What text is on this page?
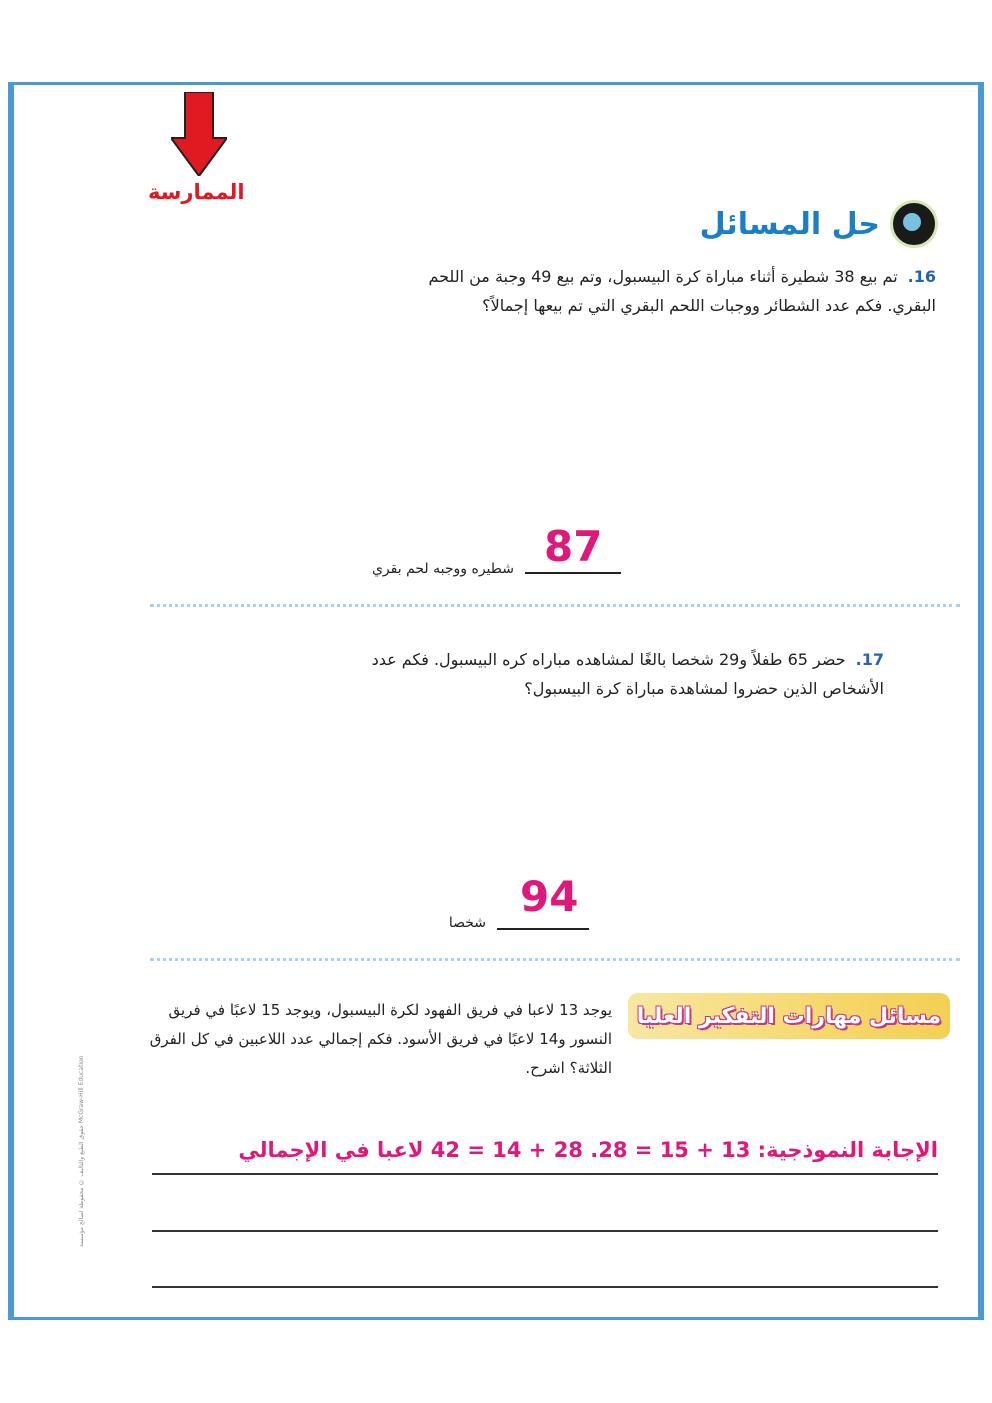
الممارسة
حل المسائل
16.تم بيع 38 شطيرة أثناء مباراة كرة البيسبول، وتم بيع 49 وجبة من اللحم البقري. فكم عدد الشطائر ووجبات اللحم البقري التي تم بيعها إجمالاً؟
87
شطيره ووجبه لحم بقري
17.حضر 65 طفلاً و29 شخصا بالغًا لمشاهده مباراه كره البيسبول. فكم عدد الأشخاص الذين حضروا لمشاهدة مباراة كرة البيسبول؟
94
شخصا
حقوق الطبع والتأليف © محفوظة لصالح مؤسسة McGraw-Hill Education
مسائل مهارات التفكير العليا
يوجد 13 لاعبا في فريق الفهود لكرة البيسبول، ويوجد 15 لاعبًا في فريق النسور و14 لاعبًا في فريق الأسود. فكم إجمالي عدد اللاعبين في كل الفرق الثلاثة؟ اشرح.
الإجابة النموذجية: 13 + 15 = 28. 28 + 14 = 42 لاعبا في الإجمالي
